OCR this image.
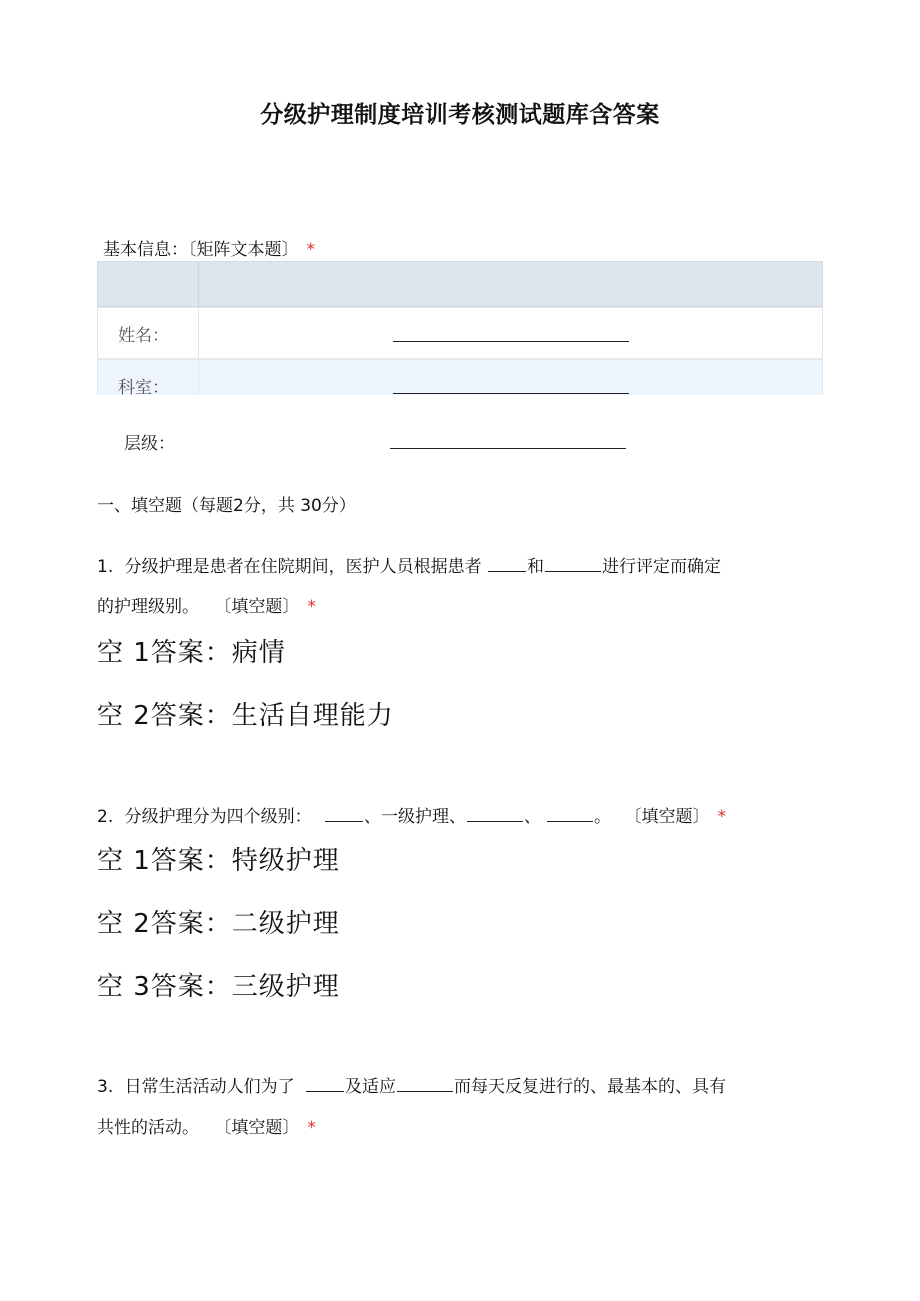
分级护理制度培训考核测试题库含答案
基本信息：〔矩阵文本题〕 *
姓名：
科室：
层级：
一、填空题（每题2分，共 30分）
1. 分级护理是患者在住院期间，医护人员根据患者	和	进行评定而确定
的护理级别。 〔填空题〕 *
空 1答案：病情
空 2答案：生活自理能力
2. 分级护理分为四个级别：	、一级护理、	、	。 〔填空题〕 *
空 1答案：特级护理
空 2答案：二级护理
空 3答案：三级护理
3. 日常生活活动人们为了	及适应	而每天反复进行的、最基本的、具有
共性的活动。 〔填空题〕 *
